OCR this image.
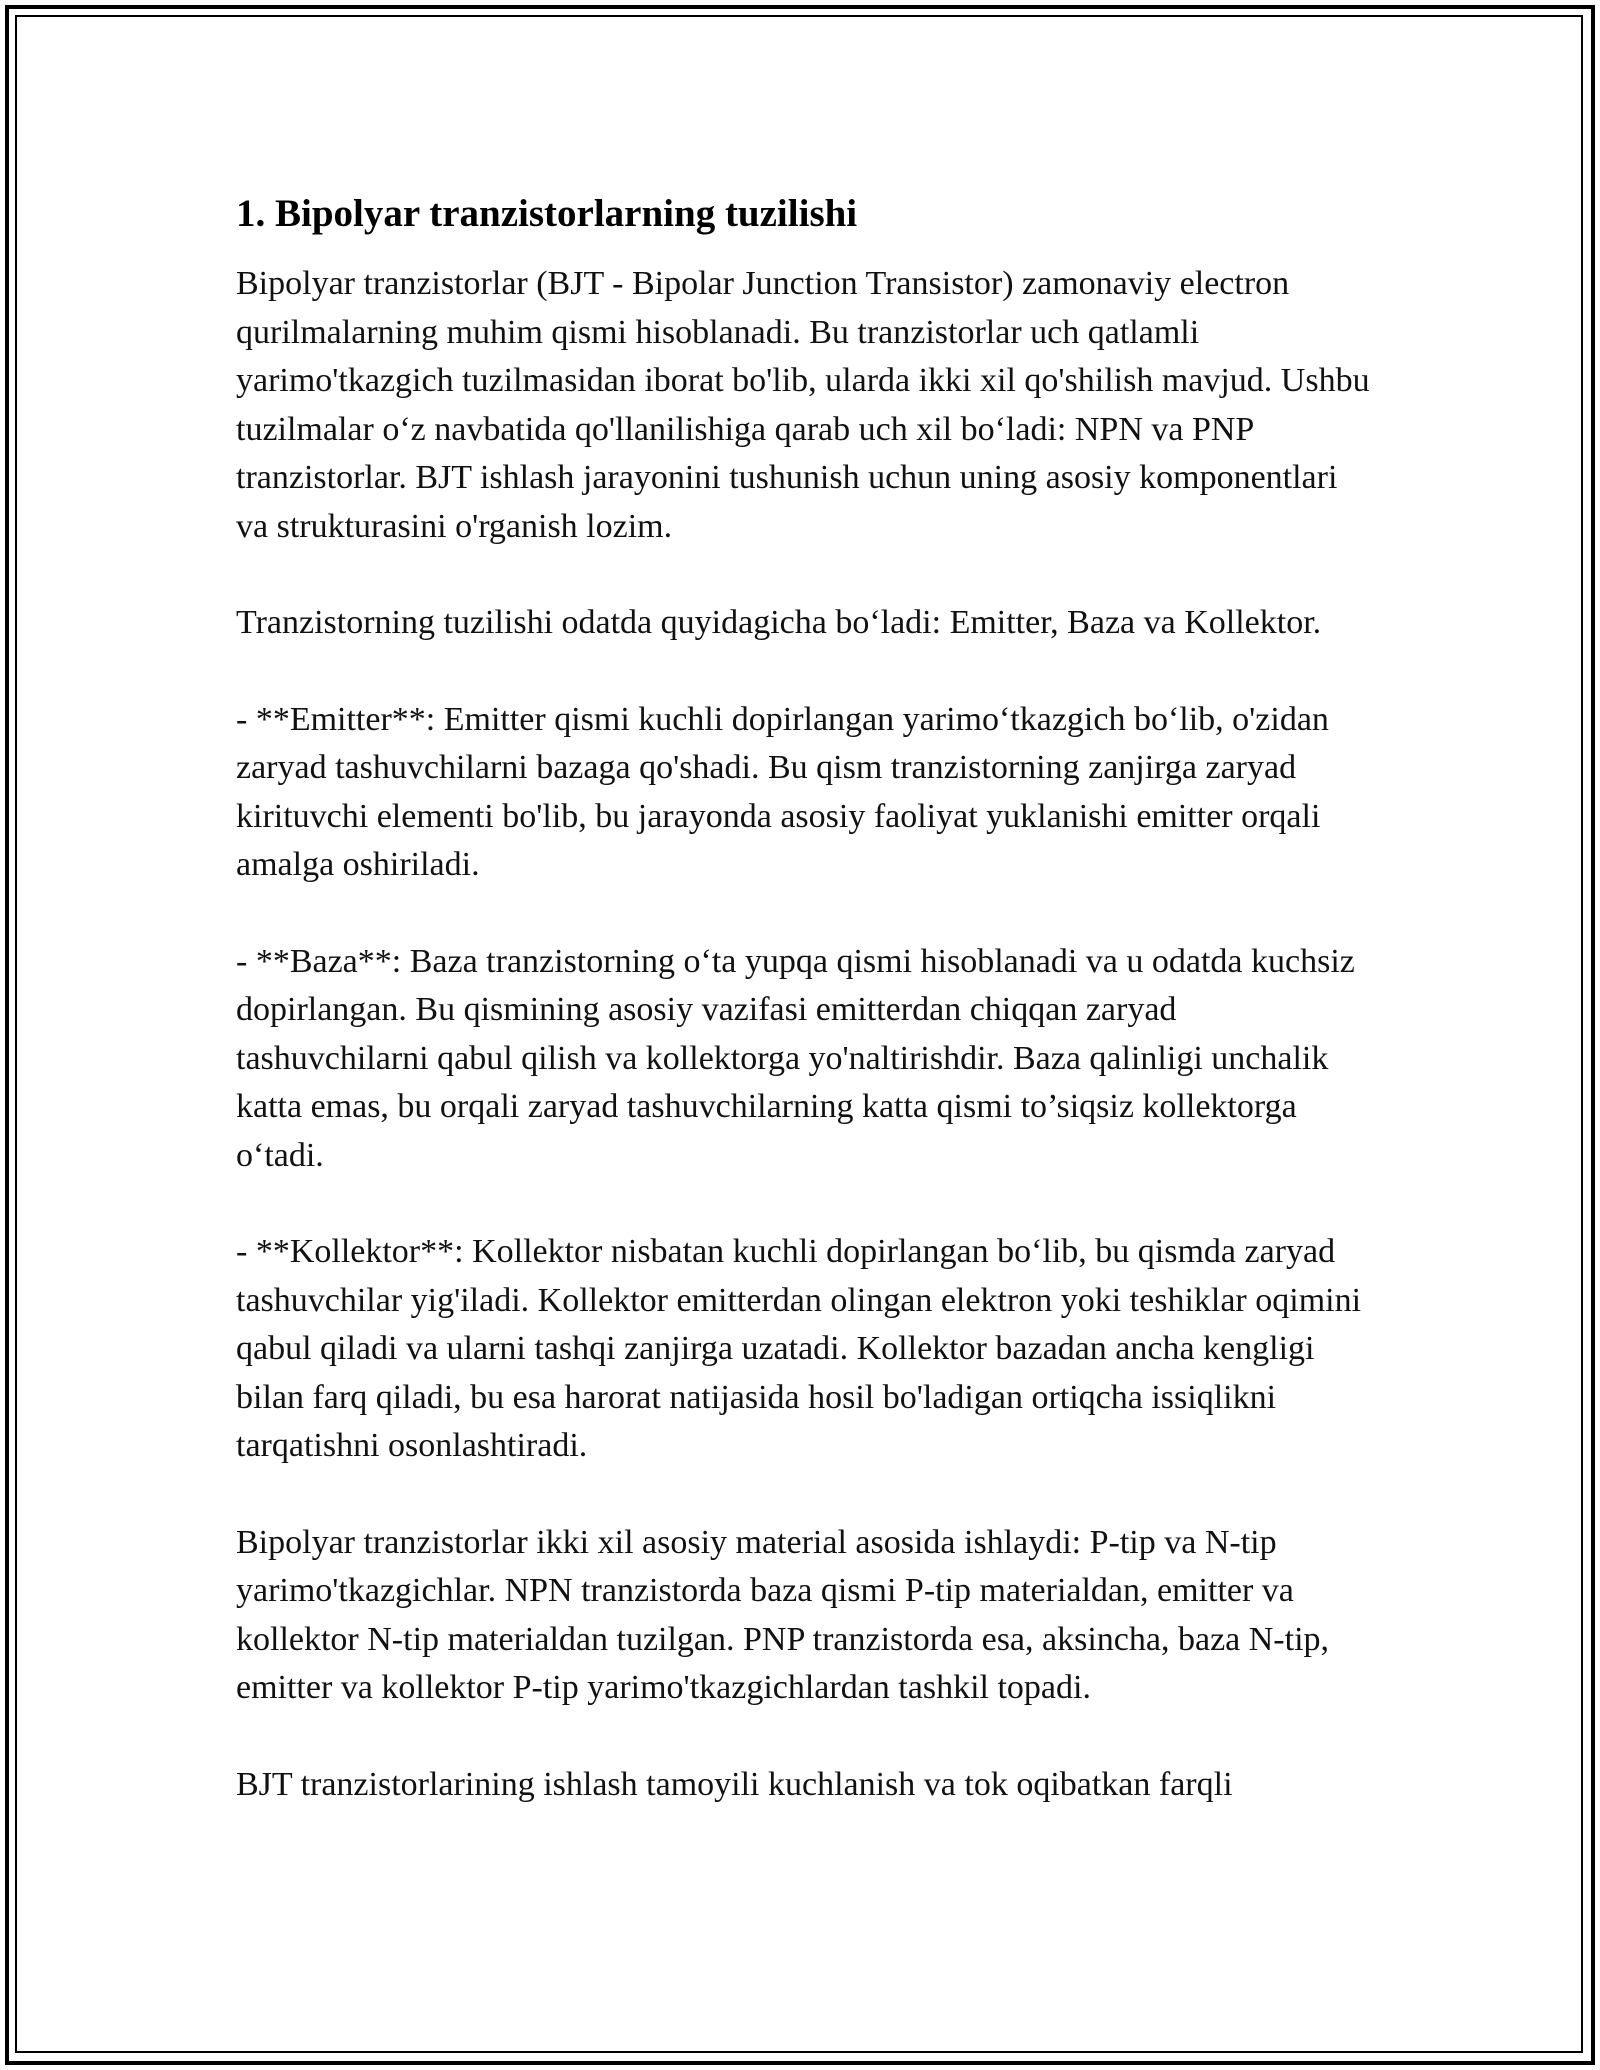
1. Bipolyar tranzistorlarning tuzilishi

Bipolyar tranzistorlar (BJT - Bipolar Junction Transistor) zamonaviy electron qurilmalarning muhim qismi hisoblanadi. Bu tranzistorlar uch qatlamli yarimo'tkazgich tuzilmasidan iborat bo'lib, ularda ikki xil qo'shilish mavjud. Ushbu tuzilmalar o‘z navbatida qo'llanilishiga qarab uch xil bo‘ladi: NPN va PNP tranzistorlar. BJT ishlash jarayonini tushunish uchun uning asosiy komponentlari va strukturasini o'rganish lozim.

Tranzistorning tuzilishi odatda quyidagicha bo‘ladi: Emitter, Baza va Kollektor.

- **Emitter**: Emitter qismi kuchli dopirlangan yarimo‘tkazgich bo‘lib, o'zidan zaryad tashuvchilarni bazaga qo'shadi. Bu qism tranzistorning zanjirga zaryad kirituvchi elementi bo'lib, bu jarayonda asosiy faoliyat yuklanishi emitter orqali amalga oshiriladi.

- **Baza**: Baza tranzistorning o‘ta yupqa qismi hisoblanadi va u odatda kuchsiz dopirlangan. Bu qismining asosiy vazifasi emitterdan chiqqan zaryad tashuvchilarni qabul qilish va kollektorga yo'naltirishdir. Baza qalinligi unchalik katta emas, bu orqali zaryad tashuvchilarning katta qismi to’siqsiz kollektorga o‘tadi.

- **Kollektor**: Kollektor nisbatan kuchli dopirlangan bo‘lib, bu qismda zaryad tashuvchilar yig'iladi. Kollektor emitterdan olingan elektron yoki teshiklar oqimini qabul qiladi va ularni tashqi zanjirga uzatadi. Kollektor bazadan ancha kengligi bilan farq qiladi, bu esa harorat natijasida hosil bo'ladigan ortiqcha issiqlikni tarqatishni osonlashtiradi.

Bipolyar tranzistorlar ikki xil asosiy material asosida ishlaydi: P-tip va N-tip yarimo'tkazgichlar. NPN tranzistorda baza qismi P-tip materialdan, emitter va kollektor N-tip materialdan tuzilgan. PNP tranzistorda esa, aksincha, baza N-tip, emitter va kollektor P-tip yarimo'tkazgichlardan tashkil topadi.

BJT tranzistorlarining ishlash tamoyili kuchlanish va tok oqibatkan farqli
